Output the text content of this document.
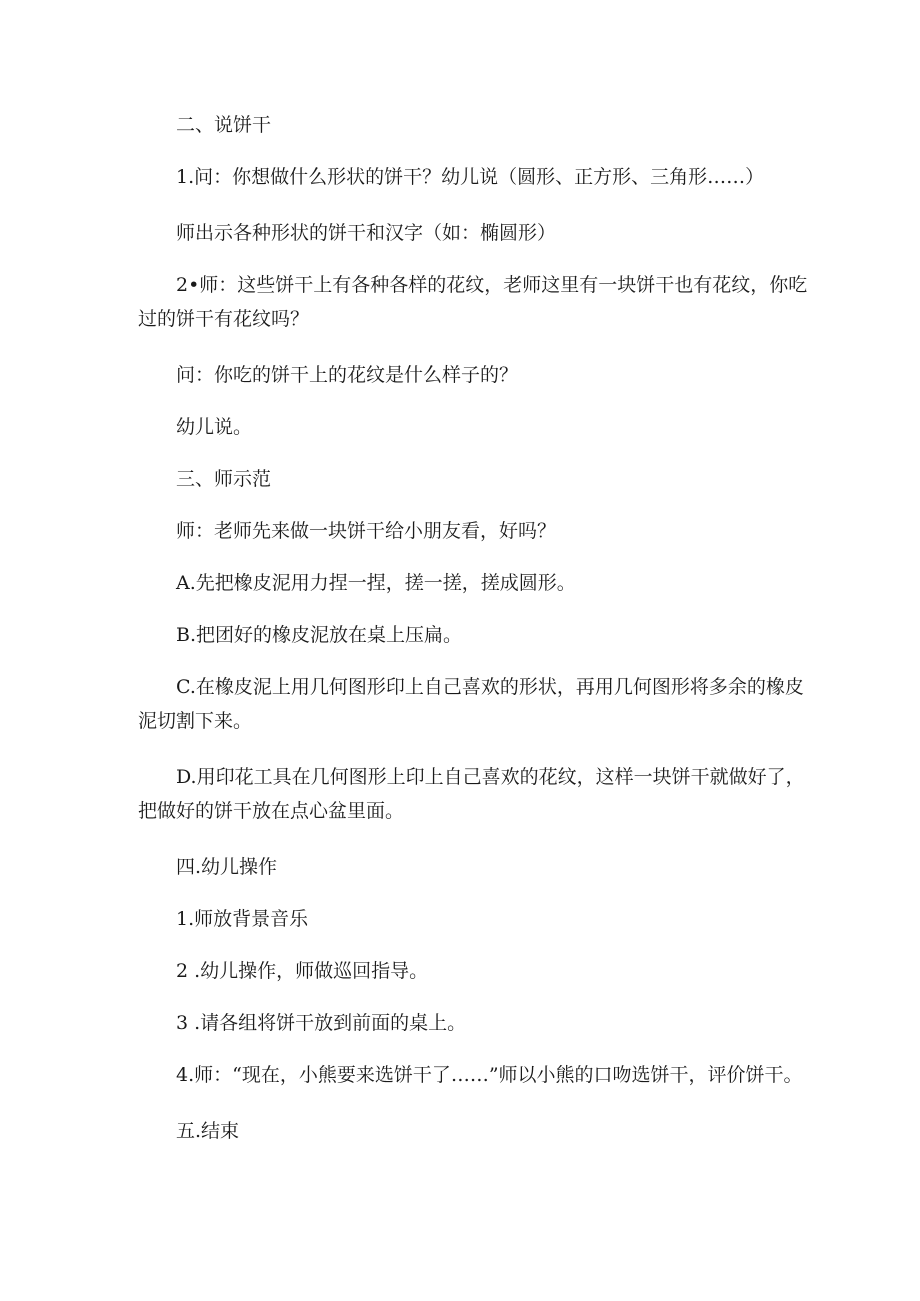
二、说饼干

1.问：你想做什么形状的饼干？幼儿说（圆形、正方形、三角形……）

师出示各种形状的饼干和汉字（如：椭圆形）

2•师：这些饼干上有各种各样的花纹，老师这里有一块饼干也有花纹，你吃过的饼干有花纹吗？

问：你吃的饼干上的花纹是什么样子的？

幼儿说。

三、师示范

师：老师先来做一块饼干给小朋友看，好吗？

A.先把橡皮泥用力捏一捏，搓一搓，搓成圆形。

B.把团好的橡皮泥放在桌上压扁。

C.在橡皮泥上用几何图形印上自己喜欢的形状，再用几何图形将多余的橡皮泥切割下来。

D.用印花工具在几何图形上印上自己喜欢的花纹，这样一块饼干就做好了，把做好的饼干放在点心盆里面。

四.幼儿操作

1.师放背景音乐

2 .幼儿操作，师做巡回指导。

3 .请各组将饼干放到前面的桌上。

4.师：“现在，小熊要来选饼干了……”师以小熊的口吻选饼干，评价饼干。

五.结束
